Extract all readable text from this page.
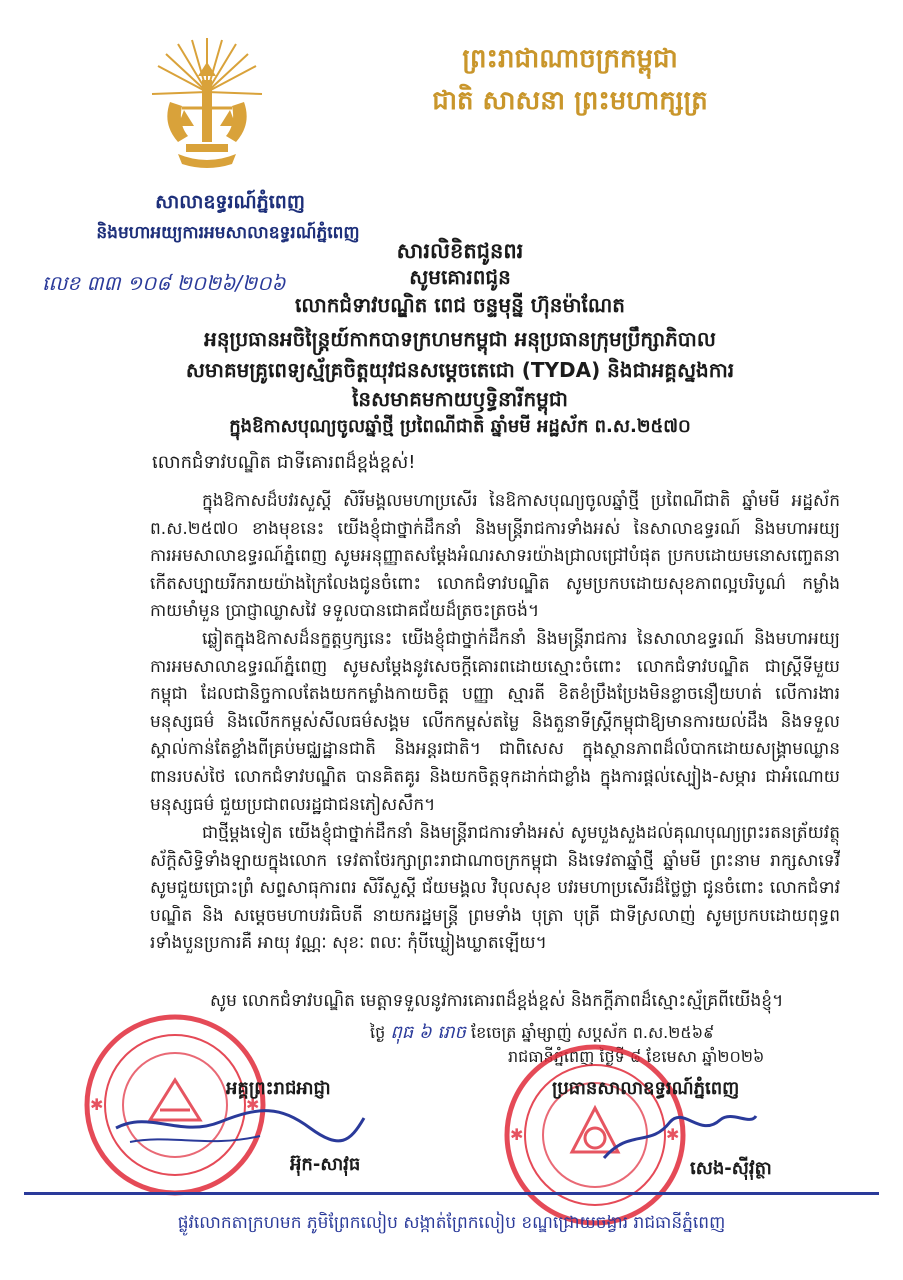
ព្រះរាជាណាចក្រកម្ពុជា
ជាតិ សាសនា ព្រះមហាក្សត្រ
សាលាឧទ្ធរណ៍ភ្នំពេញ
និងមហាអយ្យការអមសាលាឧទ្ធរណ៍ភ្នំពេញ
លេខ ៣៣ ១០៨ ២០២៦/២០៦
សារលិខិតជូនពរ
សូមគោរពជូន
លោកជំទាវបណ្ឌិត ពេជ ចន្ទមុន្នី ហ៊ុនម៉ាណែត
អនុប្រធានអចិន្ត្រៃយ៍កាកបាទក្រហមកម្ពុជា អនុប្រធានក្រុមប្រឹក្សាភិបាល
សមាគមគ្រូពេទ្យស្ម័គ្រចិត្តយុវជនសម្តេចតេជោ (TYDA) និងជាអគ្គស្នងការ
នៃសមាគមកាយឫទ្ធិនារីកម្ពុជា
ក្នុងឱកាសបុណ្យចូលឆ្នាំថ្មី ប្រពៃណីជាតិ ឆ្នាំមមី អដ្ឋស័ក ព.ស.២៥៧០
លោកជំទាវបណ្ឌិត ជាទីគោរពដ៏ខ្ពង់ខ្ពស់!
ក្នុងឱកាសដ៏បវរសួស្តី សិរីមង្គលមហាប្រសើរ នៃឱកាសបុណ្យចូលឆ្នាំថ្មី ប្រពៃណីជាតិ ឆ្នាំមមី អដ្ឋស័ក ព.ស.២៥៧០ ខាងមុខនេះ យើងខ្ញុំជាថ្នាក់ដឹកនាំ និងមន្ត្រីរាជការទាំងអស់ នៃសាលាឧទ្ធរណ៍ និងមហាអយ្យការអមសាលាឧទ្ធរណ៍ភ្នំពេញ សូមអនុញ្ញាតសម្តែងអំណរសាទរយ៉ាងជ្រាលជ្រៅបំផុត ប្រកបដោយមនោសញ្ចេតនាកើតសប្បាយរីករាយយ៉ាងក្រៃលែងជូនចំពោះ លោកជំទាវបណ្ឌិត សូមប្រកបដោយសុខភាពល្អបរិបូណ៌ កម្លាំងកាយមាំមួន ប្រាជ្ញាឈ្លាសវៃ ទទួលបានជោគជ័យដ៏ត្រចះត្រចង់។
ឆ្លៀតក្នុងឱកាសដ៏នក្ខត្តឫក្សនេះ យើងខ្ញុំជាថ្នាក់ដឹកនាំ និងមន្ត្រីរាជការ នៃសាលាឧទ្ធរណ៍ និងមហាអយ្យការអមសាលាឧទ្ធរណ៍ភ្នំពេញ សូមសម្តែងនូវសេចក្តីគោរពដោយស្មោះចំពោះ លោកជំទាវបណ្ឌិត ជាស្ត្រីទីមួយកម្ពុជា ដែលជានិច្ចកាលតែងយកកម្លាំងកាយចិត្ត បញ្ញា ស្មារតី ខិតខំប្រឹងប្រែងមិនខ្លាចនឿយហត់ លើការងារមនុស្សធម៌ និងលើកកម្ពស់សីលធម៌សង្គម លើកកម្ពស់តម្លៃ និងតួនាទីស្ត្រីកម្ពុជាឱ្យមានការយល់ដឹង និងទទួលស្គាល់កាន់តែខ្លាំងពីគ្រប់មជ្ឈដ្ឋានជាតិ និងអន្តរជាតិ។ ជាពិសេស ក្នុងស្ថានភាពដ៏លំបាកដោយសង្គ្រាមឈ្លានពានរបស់ថៃ លោកជំទាវបណ្ឌិត បានគិតគូរ និងយកចិត្តទុកដាក់ជាខ្លាំង ក្នុងការផ្តល់ស្បៀង-សម្ភារ ជាអំណោយមនុស្សធម៌ ជួយប្រជាពលរដ្ឋជាជនភៀសសឹក។
ជាថ្មីម្តងទៀត យើងខ្ញុំជាថ្នាក់ដឹកនាំ និងមន្ត្រីរាជការទាំងអស់ សូមបួងសួងដល់គុណបុណ្យព្រះរតនត្រ័យវត្ថុស័ក្តិសិទ្ធិទាំងឡាយក្នុងលោក ទេវតាថែរក្សាព្រះរាជាណាចក្រកម្ពុជា និងទេវតាឆ្នាំថ្មី ឆ្នាំមមី ព្រះនាម រាក្សសាទេវី សូមជួយប្រោះព្រំ សព្ទសាធុការពរ សិរីសួស្តី ជ័យមង្គល វិបុលសុខ បវរមហាប្រសើរដ៏ថ្លៃថ្លា ជូនចំពោះ លោកជំទាវបណ្ឌិត និង សម្តេចមហាបវរធិបតី នាយករដ្ឋមន្ត្រី ព្រមទាំង បុត្រា បុត្រី ជាទីស្រលាញ់ សូមប្រកបដោយពុទ្ធពរទាំងបួនប្រការគឺ អាយុ វណ្ណៈ សុខៈ ពលៈ កុំបីឃ្លៀងឃ្លាតឡើយ។
សូម លោកជំទាវបណ្ឌិត មេត្តាទទួលនូវការគោរពដ៏ខ្ពង់ខ្ពស់ និងកក្តីភាពដ៏ស្មោះស្ម័គ្រពីយើងខ្ញុំ។
ថ្ងៃ ពុធ ៦ រោច ខែចេត្រ ឆ្នាំម្សាញ់ សប្តស័ក ព.ស.២៥៦៩
រាជធានីភ្នំពេញ ថ្ងៃទី ៨ ខែមេសា ឆ្នាំ២០២៦
✱	✱
✱	✱
អគ្គព្រះរាជអាជ្ញា	ប្រធានសាលាឧទ្ធរណ៍ភ្នំពេញ
អ៊ុក-សាវុធ	សេង-ស៊ីវុត្ថា
ផ្លូវលោកតាក្រហមក ភូមិព្រែកលៀប សង្កាត់ព្រែកលៀប ខណ្ឌជ្រោយចង្វារ រាជធានីភ្នំពេញ
